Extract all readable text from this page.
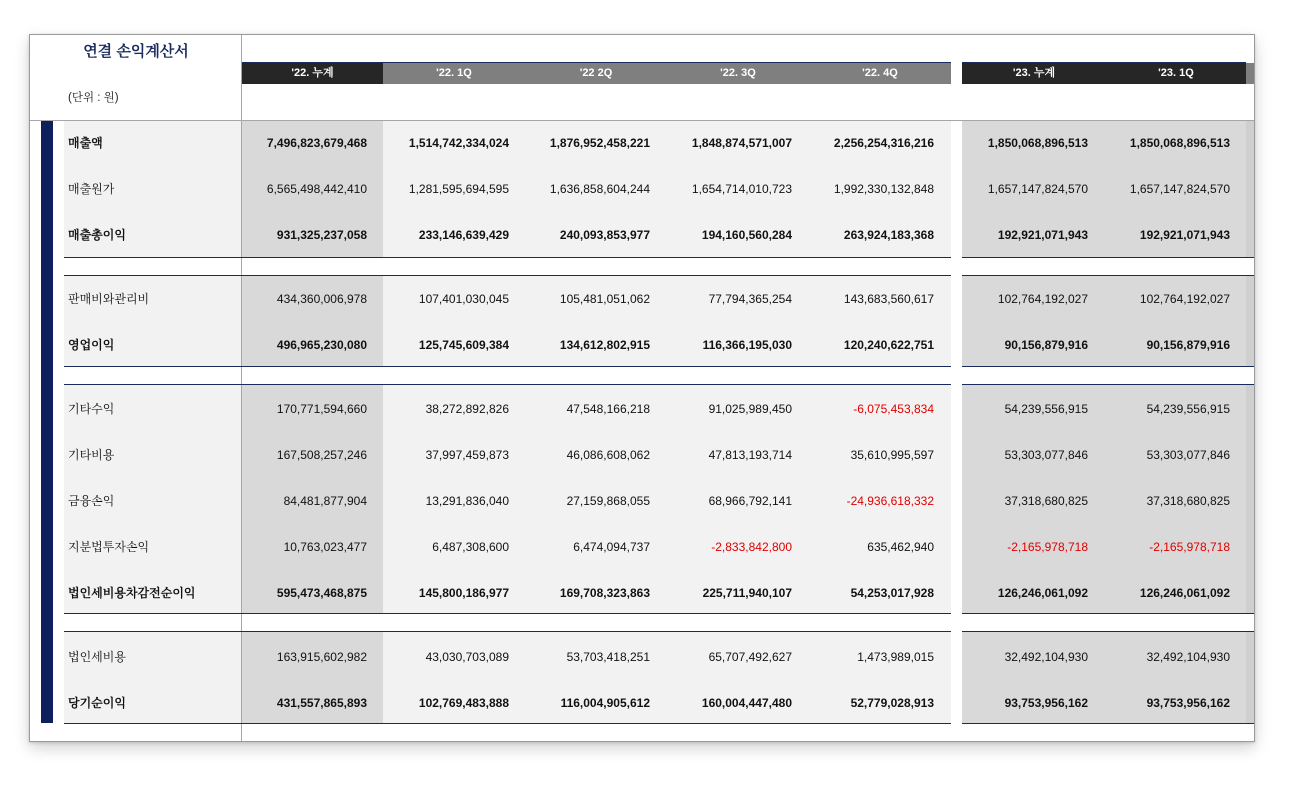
연결 손익계산서
(단위 : 원)
'22. 누계	'22. 1Q	'22 2Q	'22. 3Q	'22. 4Q	'23. 누계	'23. 1Q
매출액	7,496,823,679,468	1,514,742,334,024	1,876,952,458,221	1,848,874,571,007	2,256,254,316,216	1,850,068,896,513	1,850,068,896,513
매출원가	6,565,498,442,410	1,281,595,694,595	1,636,858,604,244	1,654,714,010,723	1,992,330,132,848	1,657,147,824,570	1,657,147,824,570
매출총이익	931,325,237,058	233,146,639,429	240,093,853,977	194,160,560,284	263,924,183,368	192,921,071,943	192,921,071,943
판매비와관리비	434,360,006,978	107,401,030,045	105,481,051,062	77,794,365,254	143,683,560,617	102,764,192,027	102,764,192,027
영업이익	496,965,230,080	125,745,609,384	134,612,802,915	116,366,195,030	120,240,622,751	90,156,879,916	90,156,879,916
기타수익	170,771,594,660	38,272,892,826	47,548,166,218	91,025,989,450	-6,075,453,834	54,239,556,915	54,239,556,915
기타비용	167,508,257,246	37,997,459,873	46,086,608,062	47,813,193,714	35,610,995,597	53,303,077,846	53,303,077,846
금융손익	84,481,877,904	13,291,836,040	27,159,868,055	68,966,792,141	-24,936,618,332	37,318,680,825	37,318,680,825
지분법투자손익	10,763,023,477	6,487,308,600	6,474,094,737	-2,833,842,800	635,462,940	-2,165,978,718	-2,165,978,718
법인세비용차감전순이익	595,473,468,875	145,800,186,977	169,708,323,863	225,711,940,107	54,253,017,928	126,246,061,092	126,246,061,092
법인세비용	163,915,602,982	43,030,703,089	53,703,418,251	65,707,492,627	1,473,989,015	32,492,104,930	32,492,104,930
당기순이익	431,557,865,893	102,769,483,888	116,004,905,612	160,004,447,480	52,779,028,913	93,753,956,162	93,753,956,162
